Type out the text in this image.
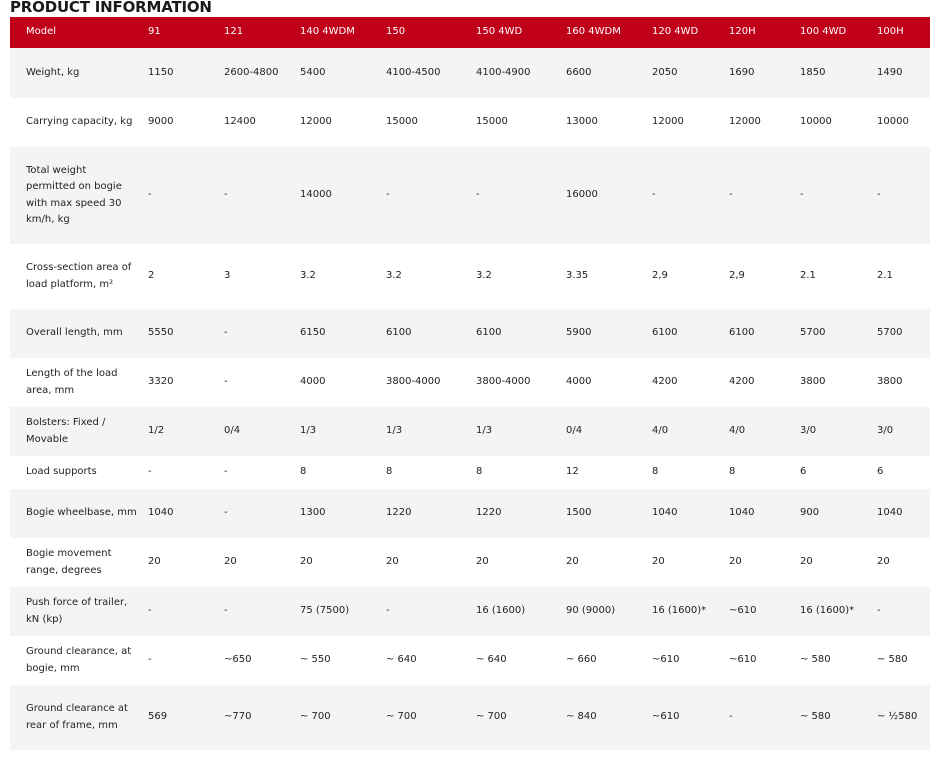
PRODUCT INFORMATION
Model	91	121	140 4WDM	150	150 4WD	160 4WDM	120 4WD	120H	100 4WD	100H
Weight, kg	1150	2600-4800	5400	4100-4500	4100-4900	6600	2050	1690	1850	1490
Carrying capacity, kg	9000	12400	12000	15000	15000	13000	12000	12000	10000	10000
Total weight permitted on bogie with max speed 30 km/h, kg	-	-	14000	-	-	16000	-	-	-	-
Cross-section area of load platform, m²	2	3	3.2	3.2	3.2	3.35	2,9	2,9	2.1	2.1
Overall length, mm	5550	-	6150	6100	6100	5900	6100	6100	5700	5700
Length of the load area, mm	3320	-	4000	3800-4000	3800-4000	4000	4200	4200	3800	3800
Bolsters: Fixed / Movable	1/2	0/4	1/3	1/3	1/3	0/4	4/0	4/0	3/0	3/0
Load supports	-	-	8	8	8	12	8	8	6	6
Bogie wheelbase, mm	1040	-	1300	1220	1220	1500	1040	1040	900	1040
Bogie movement range, degrees	20	20	20	20	20	20	20	20	20	20
Push force of trailer, kN (kp)	-	-	75 (7500)	-	16 (1600)	90 (9000)	16 (1600)*	~610	16 (1600)*	-
Ground clearance, at bogie, mm	-	~650	~ 550	~ 640	~ 640	~ 660	~610	~610	~ 580	~ 580
Ground clearance at rear of frame, mm	569	~770	~ 700	~ 700	~ 700	~ 840	~610	-	~ 580	~ ½580
